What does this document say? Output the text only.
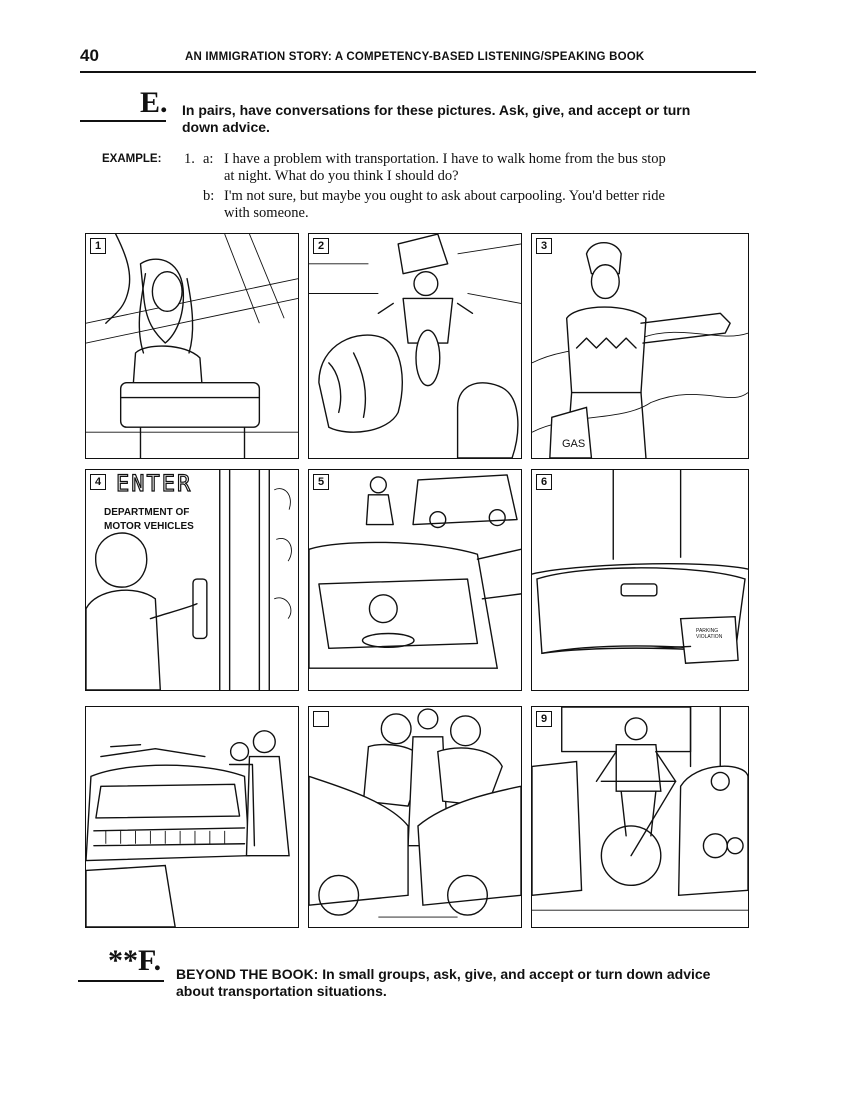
40	AN IMMIGRATION STORY: A COMPETENCY-BASED LISTENING/SPEAKING BOOK
E. In pairs, have conversations for these pictures. Ask, give, and accept or turn
down advice.
EXAMPLE: 1. a: I have a problem with transportation. I have to walk home from the bus stop
at night. What do you think I should do?
b: I'm not sure, but maybe you ought to ask about carpooling. You'd better ride
with someone.
1	2	3
GAS
4 ENTER
DEPARTMENT OF
MOTOR VEHICLES
5	6
PARKING
VIOLATION
9
**F. BEYOND THE BOOK: In small groups, ask, give, and accept or turn down advice
about transportation situations.
